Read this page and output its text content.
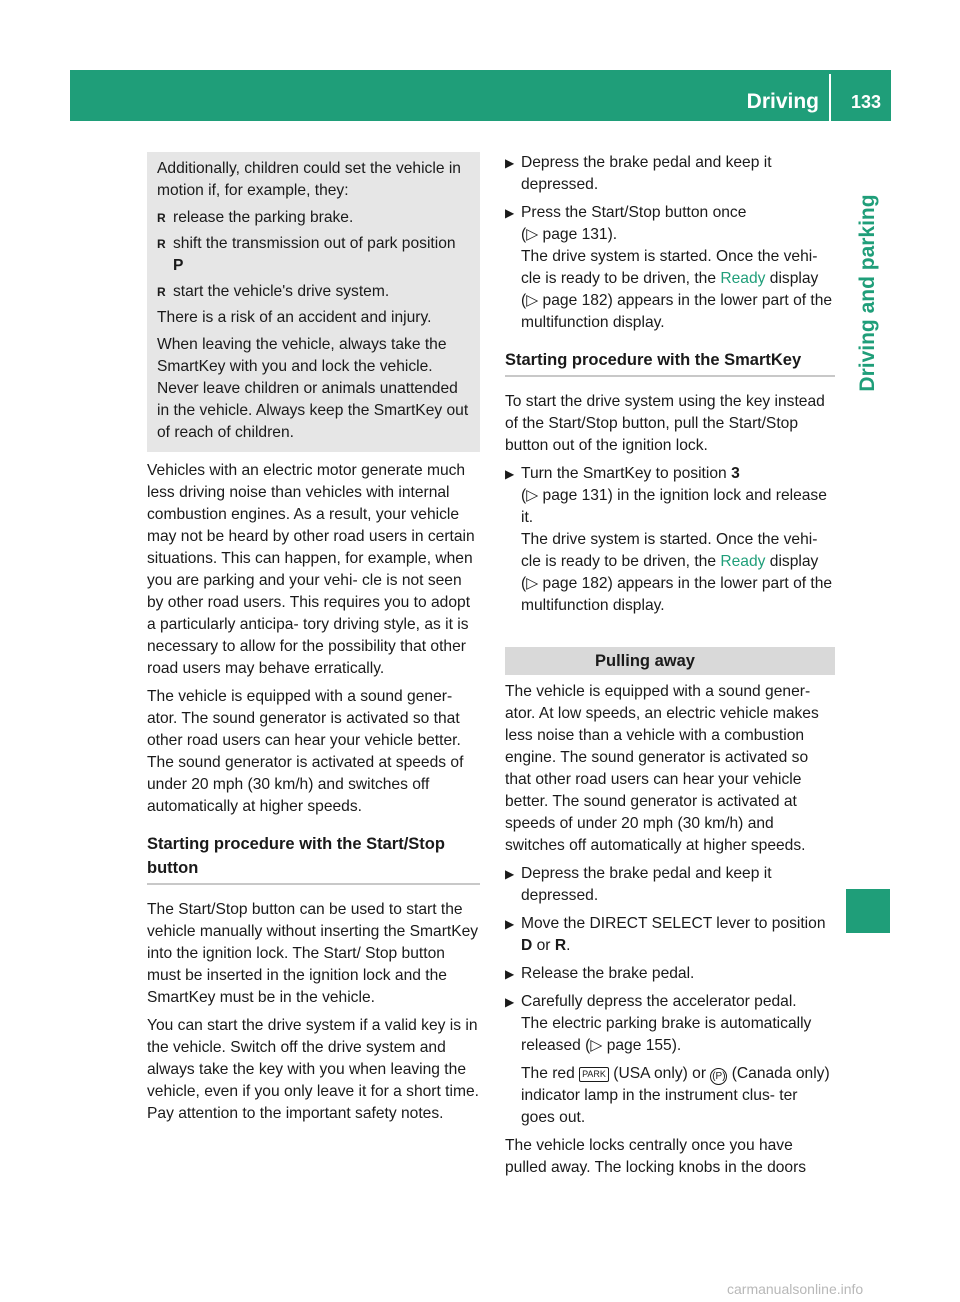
Driving 133
Driving and parking

Additionally, children could set the vehicle in motion if, for example, they:

R release the parking brake.
R shift the transmission out of park position P
R start the vehicle's drive system.

There is a risk of an accident and injury.

When leaving the vehicle, always take the SmartKey with you and lock the vehicle. Never leave children or animals unattended in the vehicle. Always keep the SmartKey out of reach of children.

Vehicles with an electric motor generate much less driving noise than vehicles with internal combustion engines. As a result, your vehicle may not be heard by other road users in certain situations. This can happen, for example, when you are parking and your vehi- cle is not seen by other road users. This requires you to adopt a particularly anticipa- tory driving style, as it is necessary to allow for the possibility that other road users may behave erratically.

The vehicle is equipped with a sound gener- ator. The sound generator is activated so that other road users can hear your vehicle better. The sound generator is activated at speeds of under 20 mph (30 km/h) and switches off automatically at higher speeds.

Starting procedure with the Start/Stop button

The Start/Stop button can be used to start the vehicle manually without inserting the SmartKey into the ignition lock. The Start/ Stop button must be inserted in the ignition lock and the SmartKey must be in the vehicle.

You can start the drive system if a valid key is in the vehicle. Switch off the drive system and always take the key with you when leaving the vehicle, even if you only leave it for a short time. Pay attention to the important safety notes.

▶ Depress the brake pedal and keep it depressed.
▶ Press the Start/Stop button once
(▷ page 131).
The drive system is started. Once the vehi- cle is ready to be driven, the Ready display
(▷ page 182) appears in the lower part of the multifunction display.
Starting procedure with the SmartKey

To start the drive system using the key instead of the Start/Stop button, pull the Start/Stop button out of the ignition lock.

▶ Turn the SmartKey to position 3
(▷ page 131) in the ignition lock and release it.
The drive system is started. Once the vehi- cle is ready to be driven, the Ready display
(▷ page 182) appears in the lower part of the multifunction display.
Pulling away

The vehicle is equipped with a sound gener- ator. At low speeds, an electric vehicle makes less noise than a vehicle with a combustion engine. The sound generator is activated so that other road users can hear your vehicle better. The sound generator is activated at speeds of under 20 mph (30 km/h) and switches off automatically at higher speeds.

▶ Depress the brake pedal and keep it depressed.
▶ Move the DIRECT SELECT lever to position
D or R.
▶ Release the brake pedal.
▶ Carefully depress the accelerator pedal.
The electric parking brake is automatically released (▷ page 155).
The red PARK (USA only) or (P) (Canada only) indicator lamp in the instrument clus- ter goes out.

The vehicle locks centrally once you have pulled away. The locking knobs in the doors

carmanualsonline.info
